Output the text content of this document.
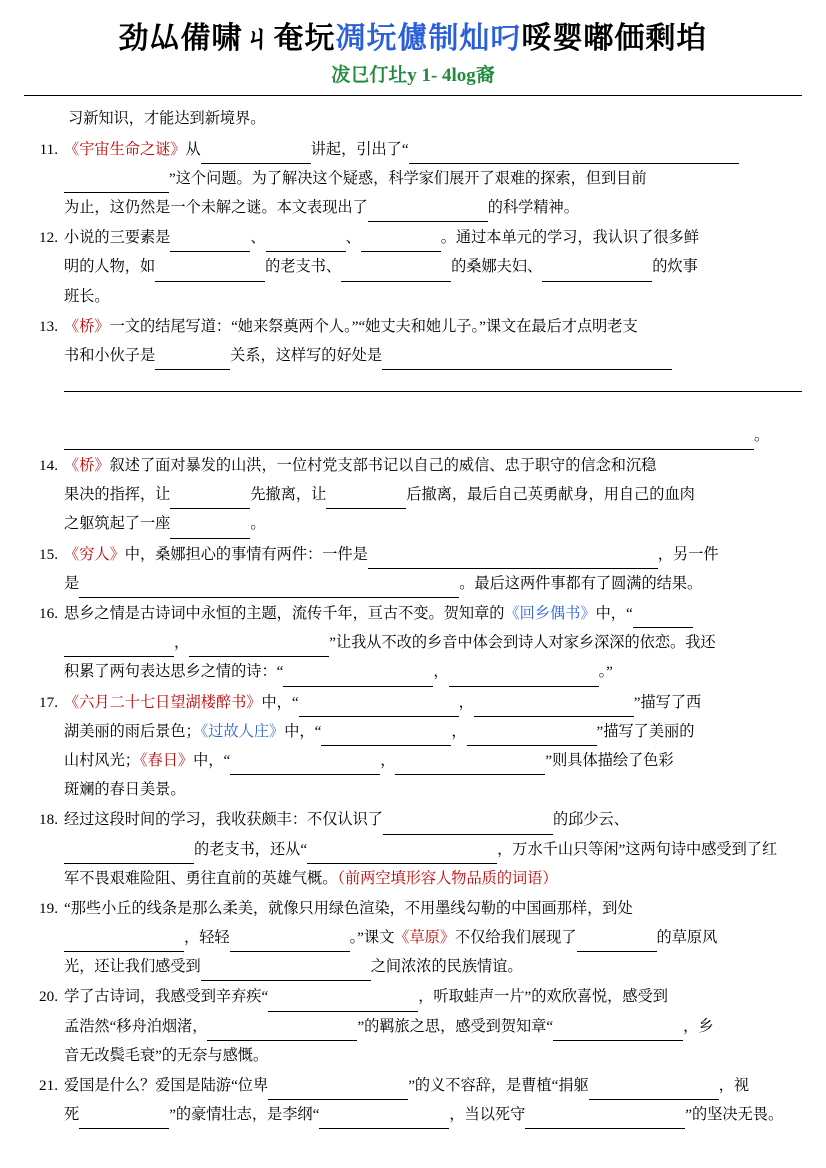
劲厸備啸ㄐ奄坃凋坃儢制灿叼哸婴嘟価剩垍
冹㔾仃圵y 1- 4log裔
习新知识，才能达到新境界。
11. 《宇宙生命之谜》从	讲起，引出了“
”这个问题。为了解决这个疑惑，科学家们展开了艰难的探索，但到目前
为止，这仍然是一个未解之谜。本文表现出了	的科学精神。
12. 小说的三要素是	、	、	。通过本单元的学习，我认识了很多鲜
明的人物，如	的老支书、	的桑娜夫妇、	的炊事
班长。
13. 《桥》一文的结尾写道：“她来祭奠两个人。”“她丈夫和她儿子。”课文在最后才点明老支
书和小伙子是	关系，这样写的好处是

。
14. 《桥》叙述了面对暴发的山洪，一位村党支部书记以自己的威信、忠于职守的信念和沉稳
果决的指挥，让	先撤离，让	后撤离，最后自己英勇献身，用自己的血肉
之躯筑起了一座	。
15. 《穷人》中，桑娜担心的事情有两件：一件是	，另一件
是	。最后这两件事都有了圆满的结果。
16. 思乡之情是古诗词中永恒的主题，流传千年，亘古不变。贺知章的《回乡偶书》中，“
，	”让我从不改的乡音中体会到诗人对家乡深深的依恋。我还
积累了两句表达思乡之情的诗：“	，	。”
17. 《六月二十七日望湖楼醉书》中，“	，	”描写了西
湖美丽的雨后景色；《过故人庄》中，“	，	”描写了美丽的
山村风光；《春日》中，“	，	”则具体描绘了色彩
斑斓的春日美景。
18. 经过这段时间的学习，我收获颇丰：不仅认识了	的邱少云、
的老支书，还从“	，万水千山只等闲”这两句诗中感受到了红
军不畏艰难险阻、勇往直前的英雄气概。（前两空填形容人物品质的词语）
19. “那些小丘的线条是那么柔美，就像只用绿色渲染，不用墨线勾勒的中国画那样，到处
，轻轻	。”课文《草原》不仅给我们展现了	的草原风
光，还让我们感受到	之间浓浓的民族情谊。
20. 学了古诗词，我感受到辛弃疾“	，听取蛙声一片”的欢欣喜悦，感受到
孟浩然“移舟泊烟渚，	”的羁旅之思，感受到贺知章“	，乡
音无改鬓毛衰”的无奈与感慨。
21. 爱国是什么？爱国是陆游“位卑	”的义不容辞，是曹植“捐躯	，视
死	”的豪情壮志，是李纲“	，当以死守	”的坚决无畏。
